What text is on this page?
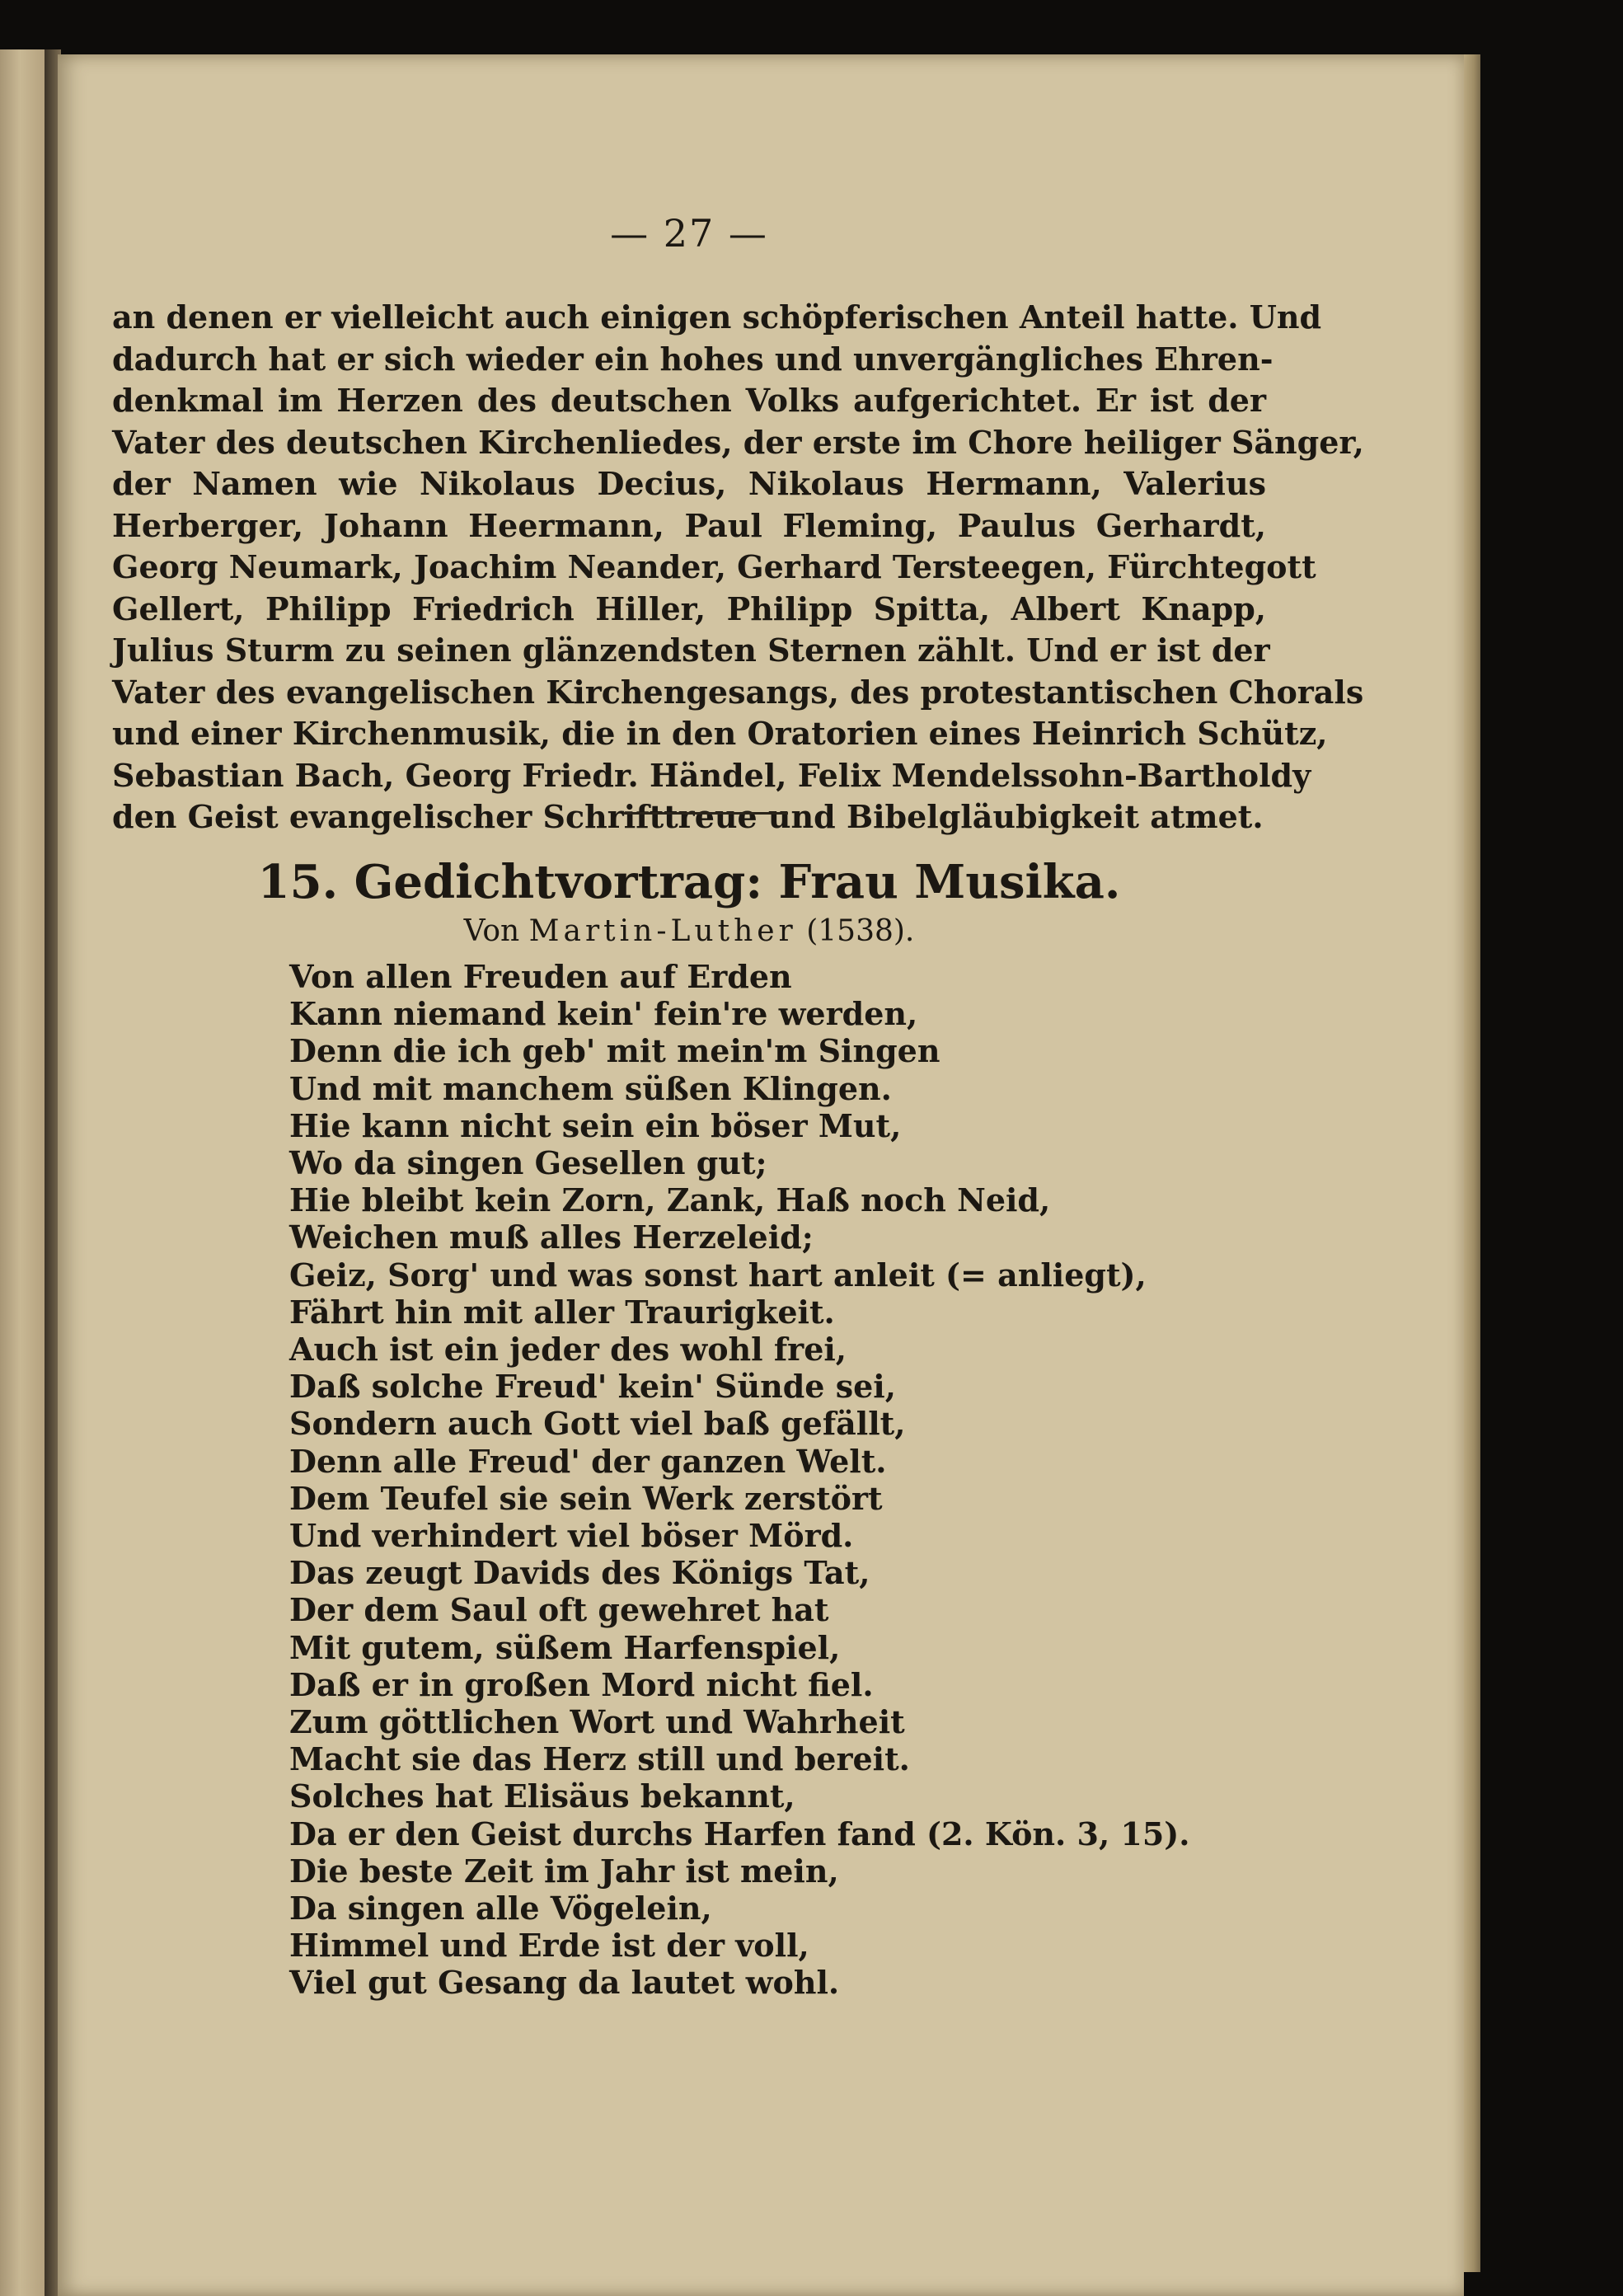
— 27 —
an denen er vielleicht auch einigen schöpferischen Anteil hatte. Und
dadurch hat er sich wieder ein hohes und unvergängliches Ehren-
denkmal im Herzen des deutschen Volks aufgerichtet. Er ist der
Vater des deutschen Kirchenliedes, der erste im Chore heiliger Sänger,
der Namen wie Nikolaus Decius, Nikolaus Hermann, Valerius
Herberger, Johann Heermann, Paul Fleming, Paulus Gerhardt,
Georg Neumark, Joachim Neander, Gerhard Tersteegen, Fürchtegott
Gellert, Philipp Friedrich Hiller, Philipp Spitta, Albert Knapp,
Julius Sturm zu seinen glänzendsten Sternen zählt. Und er ist der
Vater des evangelischen Kirchengesangs, des protestantischen Chorals
und einer Kirchenmusik, die in den Oratorien eines Heinrich Schütz,
Sebastian Bach, Georg Friedr. Händel, Felix Mendelssohn-Bartholdy
den Geist evangelischer Schrifttreue und Bibelgläubigkeit atmet.
15. Gedichtvortrag: Frau Musika.
Von Martin-Luther (1538).
Von allen Freuden auf Erden
Kann niemand kein' fein're werden,
Denn die ich geb' mit mein'm Singen
Und mit manchem süßen Klingen.
Hie kann nicht sein ein böser Mut,
Wo da singen Gesellen gut;
Hie bleibt kein Zorn, Zank, Haß noch Neid,
Weichen muß alles Herzeleid;
Geiz, Sorg' und was sonst hart anleit (= anliegt),
Fährt hin mit aller Traurigkeit.
Auch ist ein jeder des wohl frei,
Daß solche Freud' kein' Sünde sei,
Sondern auch Gott viel baß gefällt,
Denn alle Freud' der ganzen Welt.
Dem Teufel sie sein Werk zerstört
Und verhindert viel böser Mörd.
Das zeugt Davids des Königs Tat,
Der dem Saul oft gewehret hat
Mit gutem, süßem Harfenspiel,
Daß er in großen Mord nicht fiel.
Zum göttlichen Wort und Wahrheit
Macht sie das Herz still und bereit.
Solches hat Elisäus bekannt,
Da er den Geist durchs Harfen fand (2. Kön. 3, 15).
Die beste Zeit im Jahr ist mein,
Da singen alle Vögelein,
Himmel und Erde ist der voll,
Viel gut Gesang da lautet wohl.
